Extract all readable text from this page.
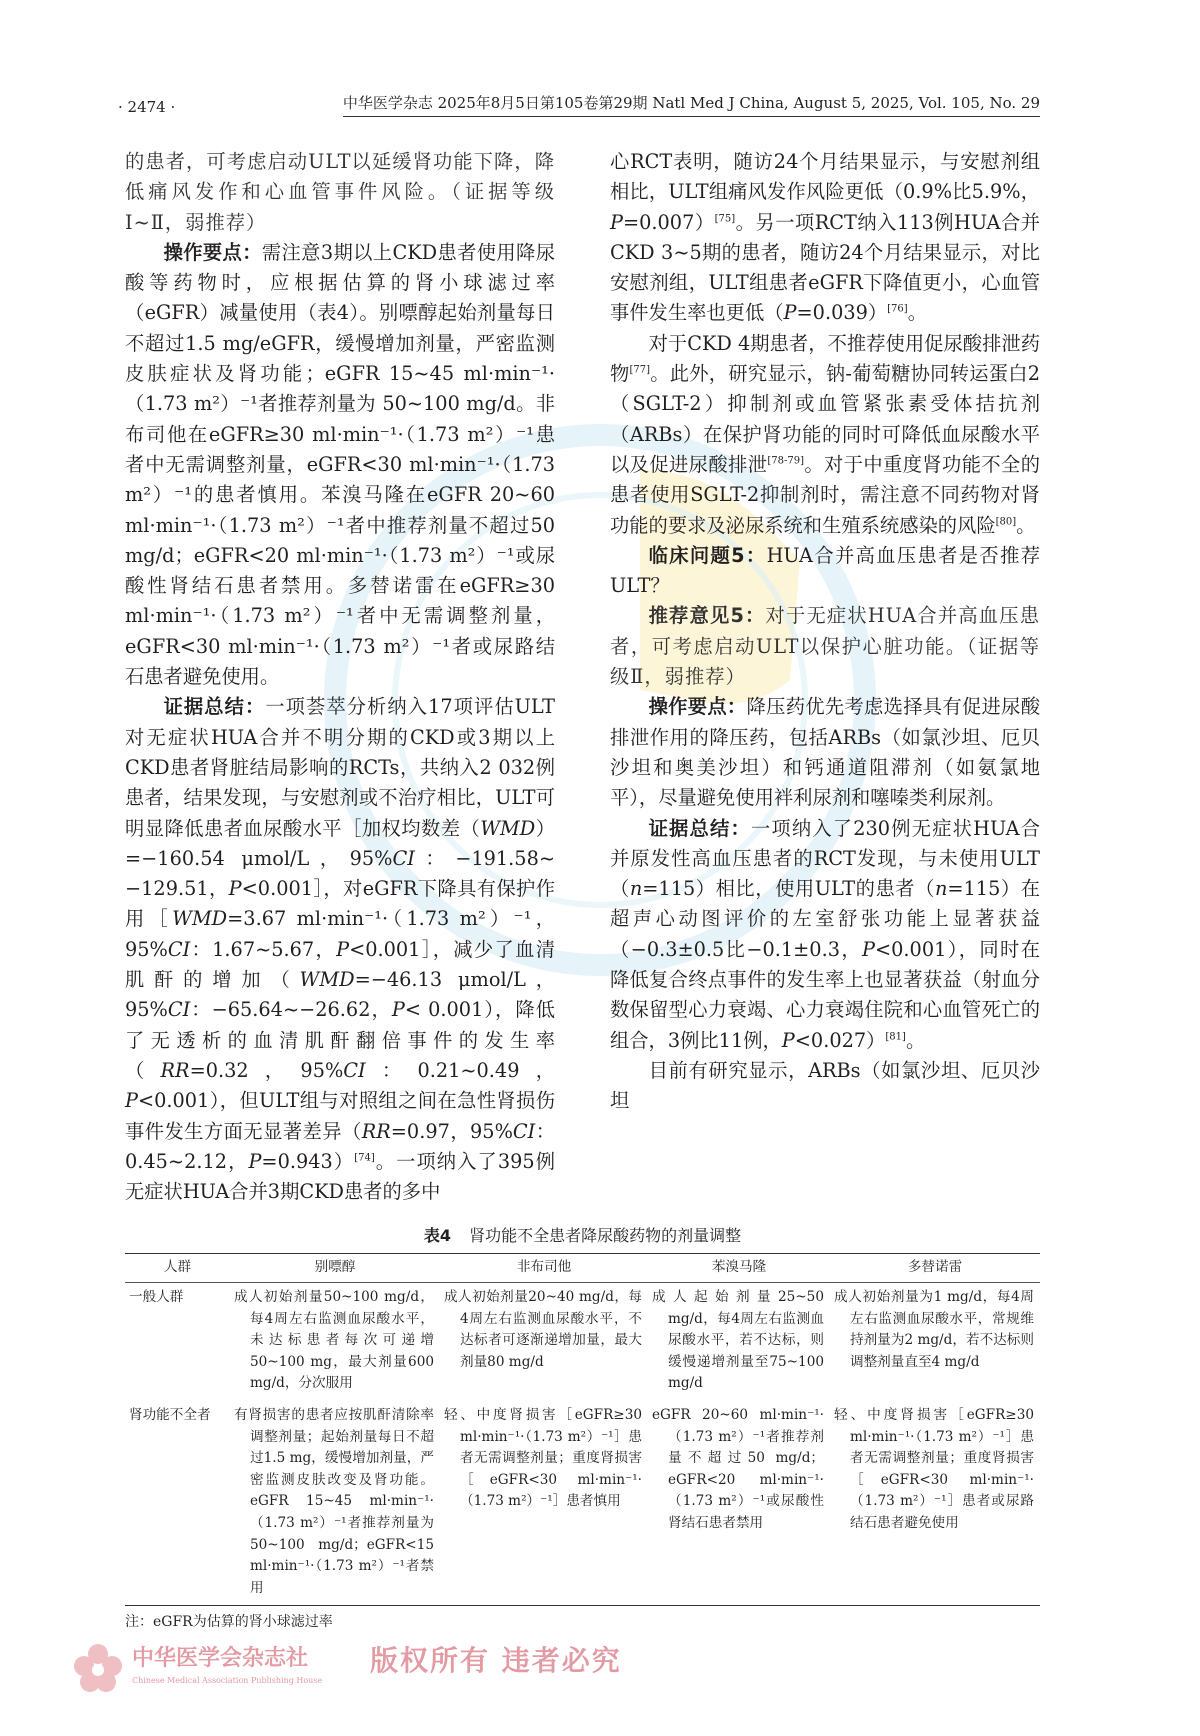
· 2474 ·	中华医学杂志 2025年8月5日第105卷第29期 Natl Med J China, August 5, 2025, Vol. 105, No. 29

的患者，可考虑启动ULT以延缓肾功能下降，降低痛风发作和心血管事件风险。（证据等级Ⅰ~Ⅱ，弱推荐）

操作要点：需注意3期以上CKD患者使用降尿酸等药物时，应根据估算的肾小球滤过率（eGFR）减量使用（表4）。别嘌醇起始剂量每日不超过1.5 mg/eGFR，缓慢增加剂量，严密监测皮肤症状及肾功能；eGFR 15~45 ml·min⁻¹·（1.73 m²）⁻¹者推荐剂量为 50~100 mg/d。非布司他在eGFR≥30 ml·min⁻¹·（1.73 m²）⁻¹患者中无需调整剂量，eGFR<30 ml·min⁻¹·（1.73 m²）⁻¹的患者慎用。苯溴马隆在eGFR 20~60 ml·min⁻¹·（1.73 m²）⁻¹者中推荐剂量不超过50 mg/d；eGFR<20 ml·min⁻¹·（1.73 m²）⁻¹或尿酸性肾结石患者禁用。多替诺雷在eGFR≥30 ml·min⁻¹·（1.73 m²）⁻¹者中无需调整剂量，eGFR<30 ml·min⁻¹·（1.73 m²）⁻¹者或尿路结石患者避免使用。

证据总结：一项荟萃分析纳入17项评估ULT对无症状HUA合并不明分期的CKD或3期以上CKD患者肾脏结局影响的RCTs，共纳入2 032例患者，结果发现，与安慰剂或不治疗相比，ULT可明显降低患者血尿酸水平［加权均数差（WMD）=−160.54 μmol/L，95%CI：−191.58~ −129.51，P<0.001］，对eGFR下降具有保护作用［WMD=3.67 ml·min⁻¹·（1.73 m²）⁻¹，95%CI：1.67~5.67，P<0.001］，减少了血清肌酐的增加（WMD=−46.13 μmol/L，95%CI：−65.64~−26.62，P< 0.001），降低了无透析的血清肌酐翻倍事件的发生率（RR=0.32，95%CI：0.21~0.49，P<0.001），但ULT组与对照组之间在急性肾损伤事件发生方面无显著差异（RR=0.97，95%CI：0.45~2.12，P=0.943）[74]。一项纳入了395例无症状HUA合并3期CKD患者的多中

心RCT表明，随访24个月结果显示，与安慰剂组相比，ULT组痛风发作风险更低（0.9%比5.9%，P=0.007）[75]。另一项RCT纳入113例HUA合并CKD 3~5期的患者，随访24个月结果显示，对比安慰剂组，ULT组患者eGFR下降值更小，心血管事件发生率也更低（P=0.039）[76]。

对于CKD 4期患者，不推荐使用促尿酸排泄药物[77]。此外，研究显示，钠-葡萄糖协同转运蛋白2（SGLT-2）抑制剂或血管紧张素受体拮抗剂（ARBs）在保护肾功能的同时可降低血尿酸水平以及促进尿酸排泄[78-79]。对于中重度肾功能不全的患者使用SGLT-2抑制剂时，需注意不同药物对肾功能的要求及泌尿系统和生殖系统感染的风险[80]。

临床问题5：HUA合并高血压患者是否推荐ULT？

推荐意见5：对于无症状HUA合并高血压患者，可考虑启动ULT以保护心脏功能。（证据等级Ⅱ，弱推荐）

操作要点：降压药优先考虑选择具有促进尿酸排泄作用的降压药，包括ARBs（如氯沙坦、厄贝沙坦和奥美沙坦）和钙通道阻滞剂（如氨氯地平），尽量避免使用袢利尿剂和噻嗪类利尿剂。

证据总结：一项纳入了230例无症状HUA合并原发性高血压患者的RCT发现，与未使用ULT（n=115）相比，使用ULT的患者（n=115）在超声心动图评价的左室舒张功能上显著获益（−0.3±0.5比−0.1±0.3，P<0.001），同时在降低复合终点事件的发生率上也显著获益（射血分数保留型心力衰竭、心力衰竭住院和心血管死亡的组合，3例比11例，P<0.027）[81]。

目前有研究显示，ARBs（如氯沙坦、厄贝沙坦

表4 肾功能不全患者降尿酸药物的剂量调整
人群	别嘌醇	非布司他	苯溴马隆	多替诺雷
一般人群	成人初始剂量50~100 mg/d，每4周左右监测血尿酸水平，未达标患者每次可递增50~100 mg，最大剂量600 mg/d，分次服用	成人初始剂量20~40 mg/d，每4周左右监测血尿酸水平，不达标者可逐渐递增加量，最大剂量80 mg/d	成人起始剂量25~50 mg/d，每4周左右监测血尿酸水平，若不达标，则缓慢递增剂量至75~100 mg/d	成人初始剂量为1 mg/d，每4周左右监测血尿酸水平，常规维持剂量为2 mg/d，若不达标则调整剂量直至4 mg/d
肾功能不全者	有肾损害的患者应按肌酐清除率调整剂量；起始剂量每日不超过1.5 mg，缓慢增加剂量，严密监测皮肤改变及肾功能。eGFR 15~45 ml·min⁻¹·（1.73 m²）⁻¹者推荐剂量为50~100 mg/d；eGFR<15 ml·min⁻¹·（1.73 m²）⁻¹者禁用	轻、中度肾损害［eGFR≥30 ml·min⁻¹·（1.73 m²）⁻¹］患者无需调整剂量；重度肾损害［eGFR<30 ml·min⁻¹·（1.73 m²）⁻¹］患者慎用	eGFR 20~60 ml·min⁻¹·（1.73 m²）⁻¹者推荐剂量不超过50 mg/d；eGFR<20 ml·min⁻¹·（1.73 m²）⁻¹或尿酸性肾结石患者禁用	轻、中度肾损害［eGFR≥30 ml·min⁻¹·（1.73 m²）⁻¹］患者无需调整剂量；重度肾损害［eGFR<30 ml·min⁻¹·（1.73 m²）⁻¹］患者或尿路结石患者避免使用
注：eGFR为估算的肾小球滤过率
中华医学会杂志社
Chinese Medical Association Publishing House
版权所有 违者必究
